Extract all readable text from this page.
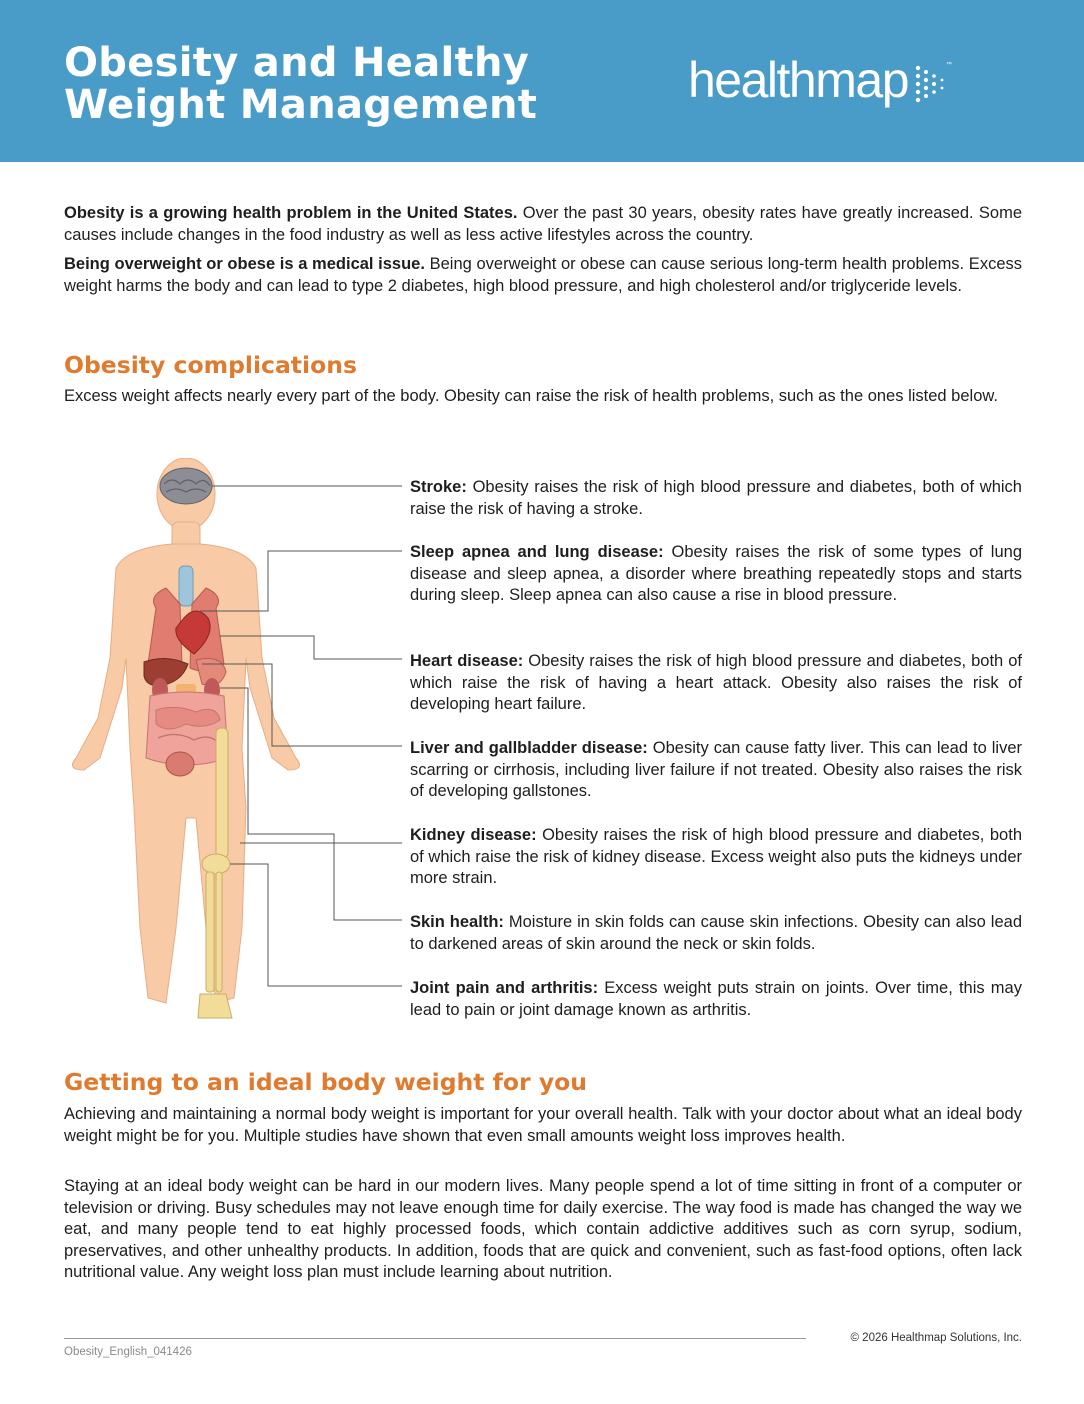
Obesity and Healthy
Weight Management	healthmap	™

Obesity is a growing health problem in the United States. Over the past 30 years, obesity rates have greatly increased. Some causes include changes in the food industry as well as less active lifestyles across the country.

Being overweight or obese is a medical issue. Being overweight or obese can cause serious long-term health problems. Excess weight harms the body and can lead to type 2 diabetes, high blood pressure, and high cholesterol and/or triglyceride levels.

Obesity complications

Excess weight affects nearly every part of the body. Obesity can raise the risk of health problems, such as the ones listed below.

Stroke: Obesity raises the risk of high blood pressure and diabetes, both of which raise the risk of having a stroke.

Sleep apnea and lung disease: Obesity raises the risk of some types of lung disease and sleep apnea, a disorder where breathing repeatedly stops and starts during sleep. Sleep apnea can also cause a rise in blood pressure.

Heart disease: Obesity raises the risk of high blood pressure and diabetes, both of which raise the risk of having a heart attack. Obesity also raises the risk of developing heart failure.

Liver and gallbladder disease: Obesity can cause fatty liver. This can lead to liver scarring or cirrhosis, including liver failure if not treated. Obesity also raises the risk of developing gallstones.

Kidney disease: Obesity raises the risk of high blood pressure and diabetes, both of which raise the risk of kidney disease. Excess weight also puts the kidneys under more strain.

Skin health: Moisture in skin folds can cause skin infections. Obesity can also lead to darkened areas of skin around the neck or skin folds.

Joint pain and arthritis: Excess weight puts strain on joints. Over time, this may lead to pain or joint damage known as arthritis.

Getting to an ideal body weight for you

Achieving and maintaining a normal body weight is important for your overall health. Talk with your doctor about what an ideal body weight might be for you. Multiple studies have shown that even small amounts weight loss improves health.

Staying at an ideal body weight can be hard in our modern lives. Many people spend a lot of time sitting in front of a computer or television or driving. Busy schedules may not leave enough time for daily exercise. The way food is made has changed the way we eat, and many people tend to eat highly processed foods, which contain addictive additives such as corn syrup, sodium, preservatives, and other unhealthy products. In addition, foods that are quick and convenient, such as fast-food options, often lack nutritional value. Any weight loss plan must include learning about nutrition.

Obesity_English_041426
© 2026 Healthmap Solutions, Inc.
